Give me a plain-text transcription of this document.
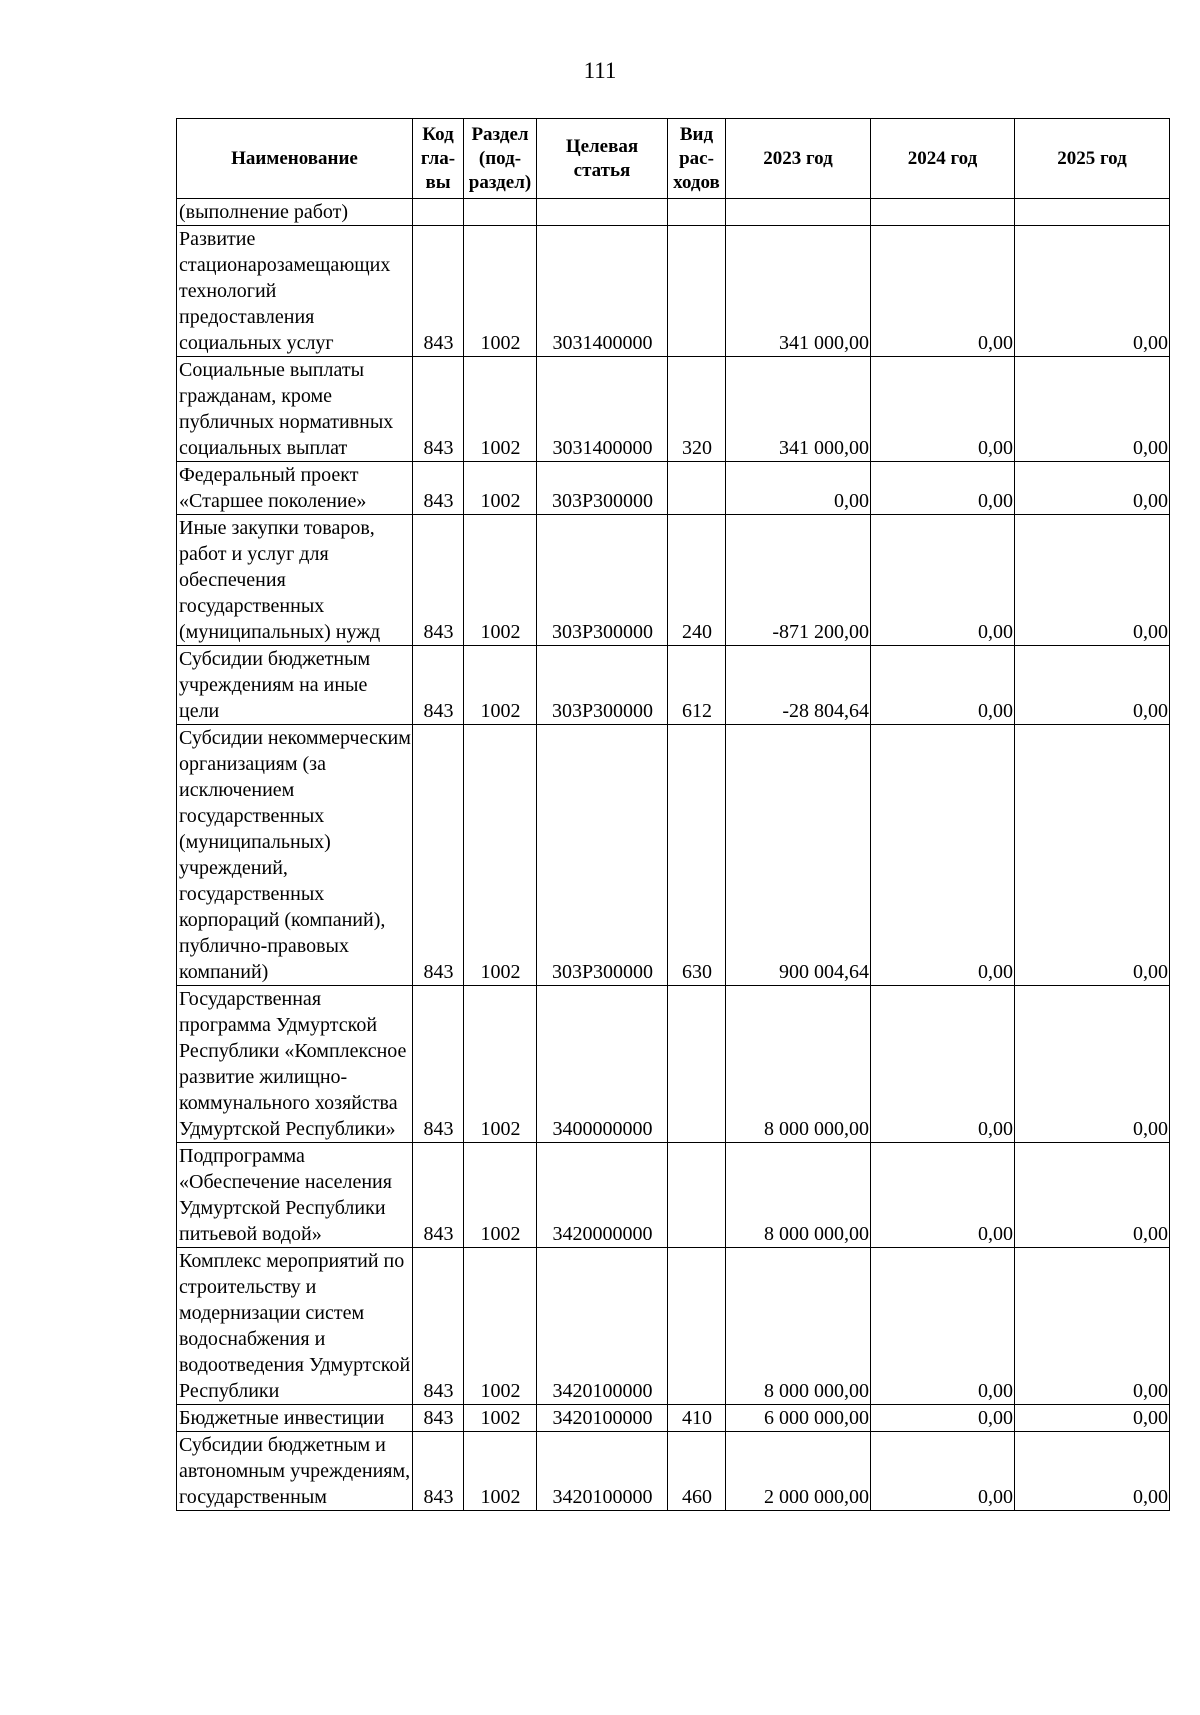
111
Наименование	Код гла-вы	Раздел (под-раздел)	Целевая статья	Вид рас-ходов	2023 год	2024 год	2025 год
(выполнение работ)							
Развитие стационарозамещающих технологий предоставления социальных услуг	843	1002	3031400000		341 000,00	0,00	0,00
Социальные выплаты гражданам, кроме публичных нормативных социальных выплат	843	1002	3031400000	320	341 000,00	0,00	0,00
Федеральный проект «Старшее поколение»	843	1002	303P300000		0,00	0,00	0,00
Иные закупки товаров, работ и услуг для обеспечения государственных (муниципальных) нужд	843	1002	303P300000	240	-871 200,00	0,00	0,00
Субсидии бюджетным учреждениям на иные цели	843	1002	303P300000	612	-28 804,64	0,00	0,00
Субсидии некоммерческим организациям (за исключением государственных (муниципальных) учреждений, государственных корпораций (компаний), публично-правовых компаний)	843	1002	303P300000	630	900 004,64	0,00	0,00
Государственная программа Удмуртской Республики «Комплексное развитие жилищно-коммунального хозяйства Удмуртской Республики»	843	1002	3400000000		8 000 000,00	0,00	0,00
Подпрограмма «Обеспечение населения Удмуртской Республики питьевой водой»	843	1002	3420000000		8 000 000,00	0,00	0,00
Комплекс мероприятий по строительству и модернизации систем водоснабжения и водоотведения Удмуртской Республики	843	1002	3420100000		8 000 000,00	0,00	0,00
Бюджетные инвестиции	843	1002	3420100000	410	6 000 000,00	0,00	0,00
Субсидии бюджетным и автономным учреждениям, государственным	843	1002	3420100000	460	2 000 000,00	0,00	0,00
